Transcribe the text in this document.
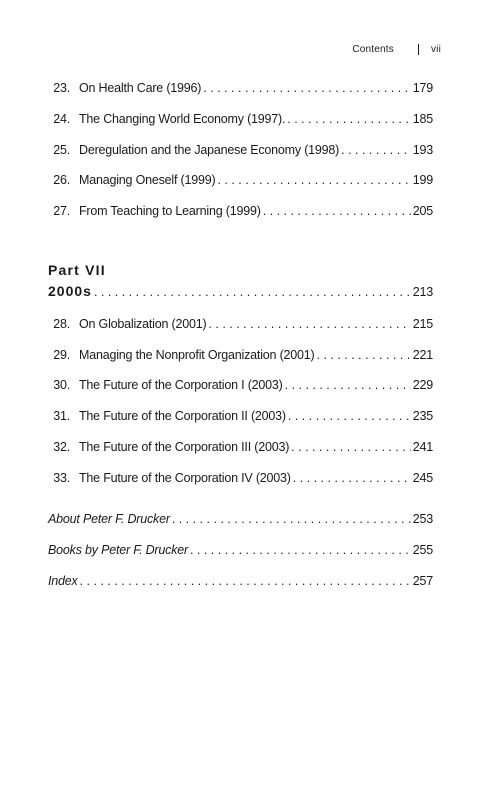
Contents	vii
23. On Health Care (1996) . . .	179
24. The Changing World Economy (1997). . . .	185
25. Deregulation and the Japanese Economy (1998) . . .	193
26. Managing Oneself (1999) . . .	199
27. From Teaching to Learning (1999) . . .	205
Part VII
2000s . . .	213
28. On Globalization (2001) . . .	215
29. Managing the Nonprofit Organization (2001) . . .	221
30. The Future of the Corporation I (2003) . . .	229
31. The Future of the Corporation II (2003) . . .	235
32. The Future of the Corporation III (2003) . . .	241
33. The Future of the Corporation IV (2003) . . .	245
About Peter F. Drucker . . .	253
Books by Peter F. Drucker . . .	255
Index . . .	257
